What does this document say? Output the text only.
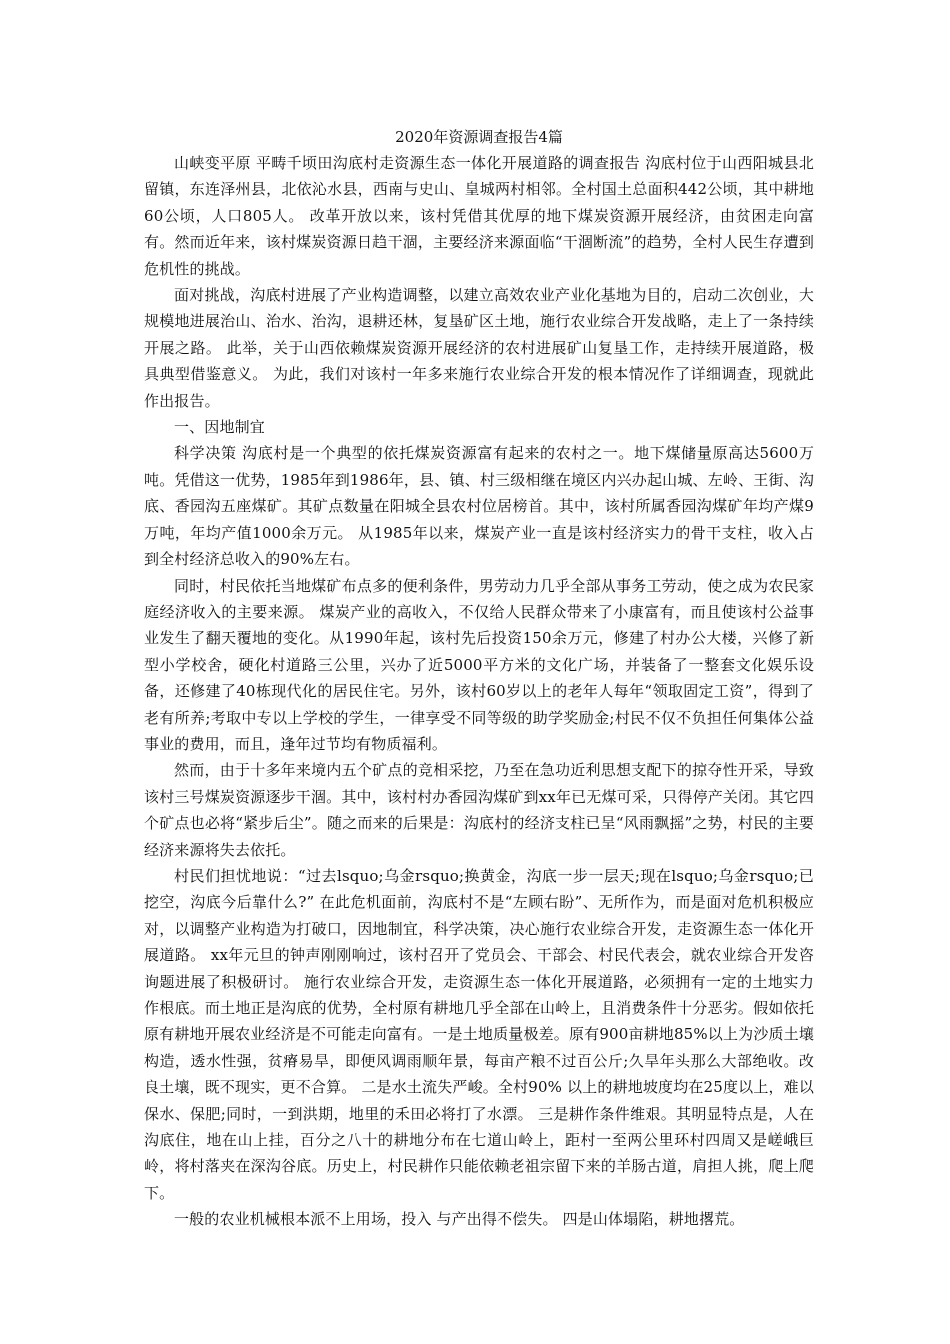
2020年资源调查报告4篇

山峡变平原 平畴千顷田沟底村走资源生态一体化开展道路的调查报告 沟底村位于山西阳城县北留镇，东连泽州县，北依沁水县，西南与史山、皇城两村相邻。全村国土总面积442公顷，其中耕地60公顷，人口805人。 改革开放以来，该村凭借其优厚的地下煤炭资源开展经济，由贫困走向富有。然而近年来，该村煤炭资源日趋干涸，主要经济来源面临“干涸断流”的趋势，全村人民生存遭到危机性的挑战。

面对挑战，沟底村进展了产业构造调整，以建立高效农业产业化基地为目的，启动二次创业，大规模地进展治山、治水、治沟，退耕还林，复垦矿区土地，施行农业综合开发战略，走上了一条持续开展之路。 此举，关于山西依赖煤炭资源开展经济的农村进展矿山复垦工作，走持续开展道路，极具典型借鉴意义。 为此，我们对该村一年多来施行农业综合开发的根本情况作了详细调查，现就此作出报告。

一、因地制宜

科学决策 沟底村是一个典型的依托煤炭资源富有起来的农村之一。地下煤储量原高达5600万吨。凭借这一优势，1985年到1986年，县、镇、村三级相继在境区内兴办起山城、左岭、王街、沟底、香园沟五座煤矿。其矿点数量在阳城全县农村位居榜首。其中，该村所属香园沟煤矿年均产煤9万吨，年均产值1000余万元。 从1985年以来，煤炭产业一直是该村经济实力的骨干支柱，收入占到全村经济总收入的90%左右。

同时，村民依托当地煤矿布点多的便利条件，男劳动力几乎全部从事务工劳动，使之成为农民家庭经济收入的主要来源。 煤炭产业的高收入，不仅给人民群众带来了小康富有，而且使该村公益事业发生了翻天覆地的变化。从1990年起，该村先后投资150余万元，修建了村办公大楼，兴修了新型小学校舍，硬化村道路三公里，兴办了近5000平方米的文化广场，并装备了一整套文化娱乐设备，还修建了40栋现代化的居民住宅。另外，该村60岁以上的老年人每年“领取固定工资”，得到了老有所养;考取中专以上学校的学生，一律享受不同等级的助学奖励金;村民不仅不负担任何集体公益事业的费用，而且，逢年过节均有物质福利。

然而，由于十多年来境内五个矿点的竞相采挖，乃至在急功近利思想支配下的掠夺性开采，导致该村三号煤炭资源逐步干涸。其中，该村村办香园沟煤矿到xx年已无煤可采，只得停产关闭。其它四个矿点也必将“紧步后尘”。随之而来的后果是：沟底村的经济支柱已呈“风雨飘摇”之势，村民的主要经济来源将失去依托。

村民们担忧地说：“过去lsquo;乌金rsquo;换黄金，沟底一步一层天;现在lsquo;乌金rsquo;已挖空，沟底今后靠什么?” 在此危机面前，沟底村不是“左顾右盼”、无所作为，而是面对危机积极应对，以调整产业构造为打破口，因地制宜，科学决策，决心施行农业综合开发，走资源生态一体化开展道路。 xx年元旦的钟声刚刚响过，该村召开了党员会、干部会、村民代表会，就农业综合开发咨询题进展了积极研讨。 施行农业综合开发，走资源生态一体化开展道路，必须拥有一定的土地实力作根底。而土地正是沟底的优势，全村原有耕地几乎全部在山岭上，且消费条件十分恶劣。假如依托原有耕地开展农业经济是不可能走向富有。一是土地质量极差。原有900亩耕地85%以上为沙质土壤构造，透水性强，贫瘠易旱，即便风调雨顺年景，每亩产粮不过百公斤;久旱年头那么大部绝收。改良土壤，既不现实，更不合算。 二是水土流失严峻。全村90% 以上的耕地坡度均在25度以上，难以保水、保肥;同时，一到洪期，地里的禾田必将打了水漂。 三是耕作条件维艰。其明显特点是，人在沟底住，地在山上挂，百分之八十的耕地分布在七道山岭上，距村一至两公里环村四周又是嵯峨巨岭，将村落夹在深沟谷底。历史上，村民耕作只能依赖老祖宗留下来的羊肠古道，肩担人挑，爬上爬下。

一般的农业机械根本派不上用场，投入 与产出得不偿失。 四是山体塌陷，耕地撂荒。
